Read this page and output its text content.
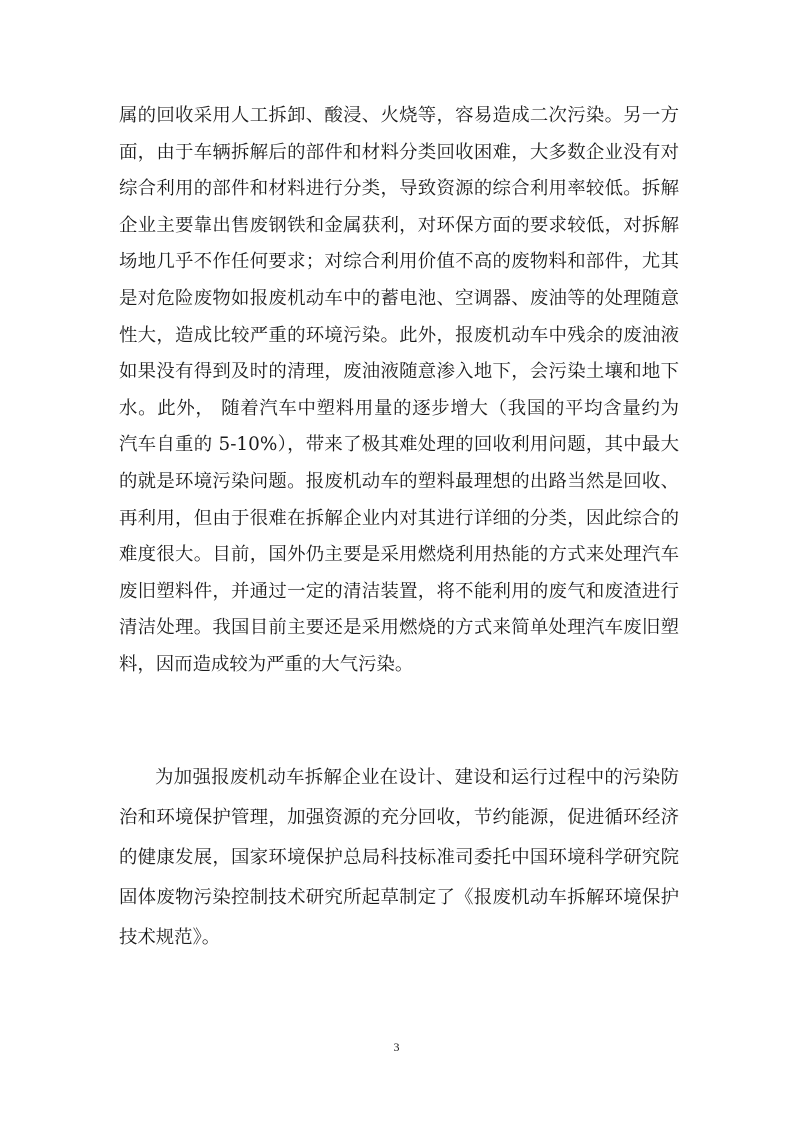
属的回收采用人工拆卸、酸浸、火烧等，容易造成二次污染。另一方
面，由于车辆拆解后的部件和材料分类回收困难，大多数企业没有对
综合利用的部件和材料进行分类，导致资源的综合利用率较低。拆解
企业主要靠出售废钢铁和金属获利，对环保方面的要求较低，对拆解
场地几乎不作任何要求；对综合利用价值不高的废物料和部件，尤其
是对危险废物如报废机动车中的蓄电池、空调器、废油等的处理随意
性大，造成比较严重的环境污染。此外，报废机动车中残余的废油液
如果没有得到及时的清理，废油液随意渗入地下，会污染土壤和地下
水。此外， 随着汽车中塑料用量的逐步增大（我国的平均含量约为
汽车自重的 5-10%），带来了极其难处理的回收利用问题，其中最大
的就是环境污染问题。报废机动车的塑料最理想的出路当然是回收、
再利用，但由于很难在拆解企业内对其进行详细的分类，因此综合的
难度很大。目前，国外仍主要是采用燃烧利用热能的方式来处理汽车
废旧塑料件，并通过一定的清洁装置，将不能利用的废气和废渣进行
清洁处理。我国目前主要还是采用燃烧的方式来简单处理汽车废旧塑
料，因而造成较为严重的大气污染。
为加强报废机动车拆解企业在设计、建设和运行过程中的污染防
治和环境保护管理，加强资源的充分回收，节约能源，促进循环经济
的健康发展，国家环境保护总局科技标准司委托中国环境科学研究院
固体废物污染控制技术研究所起草制定了《报废机动车拆解环境保护
技术规范》。
3
